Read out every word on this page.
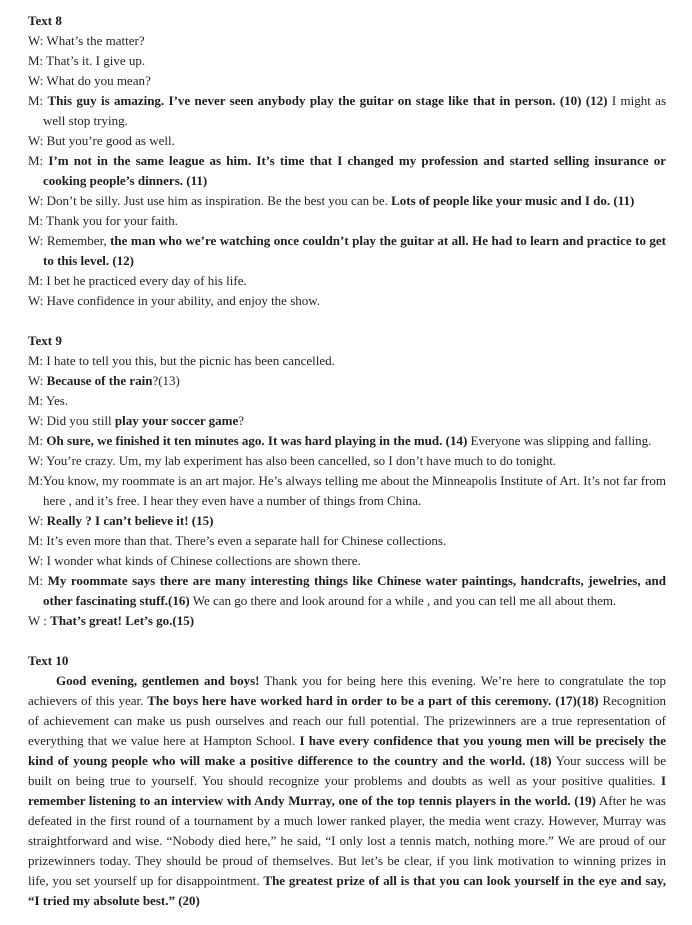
Text 8
W: What’s the matter?
M: That’s it. I give up.
W: What do you mean?
M: This guy is amazing. I’ve never seen anybody play the guitar on stage like that in person. (10) (12) I might as well stop trying.
W: But you’re good as well.
M: I’m not in the same league as him. It’s time that I changed my profession and started selling insurance or cooking people’s dinners. (11)
W: Don’t be silly. Just use him as inspiration. Be the best you can be. Lots of people like your music and I do. (11)
M: Thank you for your faith.
W: Remember, the man who we’re watching once couldn’t play the guitar at all. He had to learn and practice to get to this level. (12)
M: I bet he practiced every day of his life.
W: Have confidence in your ability, and enjoy the show.
Text 9
M: I hate to tell you this, but the picnic has been cancelled.
W: Because of the rain?(13)
M: Yes.
W: Did you still play your soccer game?
M: Oh sure, we finished it ten minutes ago. It was hard playing in the mud. (14) Everyone was slipping and falling.
W: You’re crazy. Um, my lab experiment has also been cancelled, so I don’t have much to do tonight.
M:You know, my roommate is an art major. He’s always telling me about the Minneapolis Institute of Art. It’s not far from here , and it’s free. I hear they even have a number of things from China.
W: Really ? I can’t believe it! (15)
M: It’s even more than that. There’s even a separate hall for Chinese collections.
W: I wonder what kinds of Chinese collections are shown there.
M: My roommate says there are many interesting things like Chinese water paintings, handcrafts, jewelries, and other fascinating stuff.(16) We can go there and look around for a while , and you can tell me all about them.
W : That’s great! Let’s go.(15)
Text 10
Good evening, gentlemen and boys! Thank you for being here this evening. We’re here to congratulate the top achievers of this year. The boys here have worked hard in order to be a part of this ceremony. (17)(18) Recognition of achievement can make us push ourselves and reach our full potential. The prizewinners are a true representation of everything that we value here at Hampton School. I have every confidence that you young men will be precisely the kind of young people who will make a positive difference to the country and the world. (18) Your success will be built on being true to yourself. You should recognize your problems and doubts as well as your positive qualities. I remember listening to an interview with Andy Murray, one of the top tennis players in the world. (19) After he was defeated in the first round of a tournament by a much lower ranked player, the media went crazy. However, Murray was straightforward and wise. “Nobody died here,” he said, “I only lost a tennis match, nothing more.” We are proud of our prizewinners today. They should be proud of themselves. But let’s be clear, if you link motivation to winning prizes in life, you set yourself up for disappointment. The greatest prize of all is that you can look yourself in the eye and say, “I tried my absolute best.” (20)
